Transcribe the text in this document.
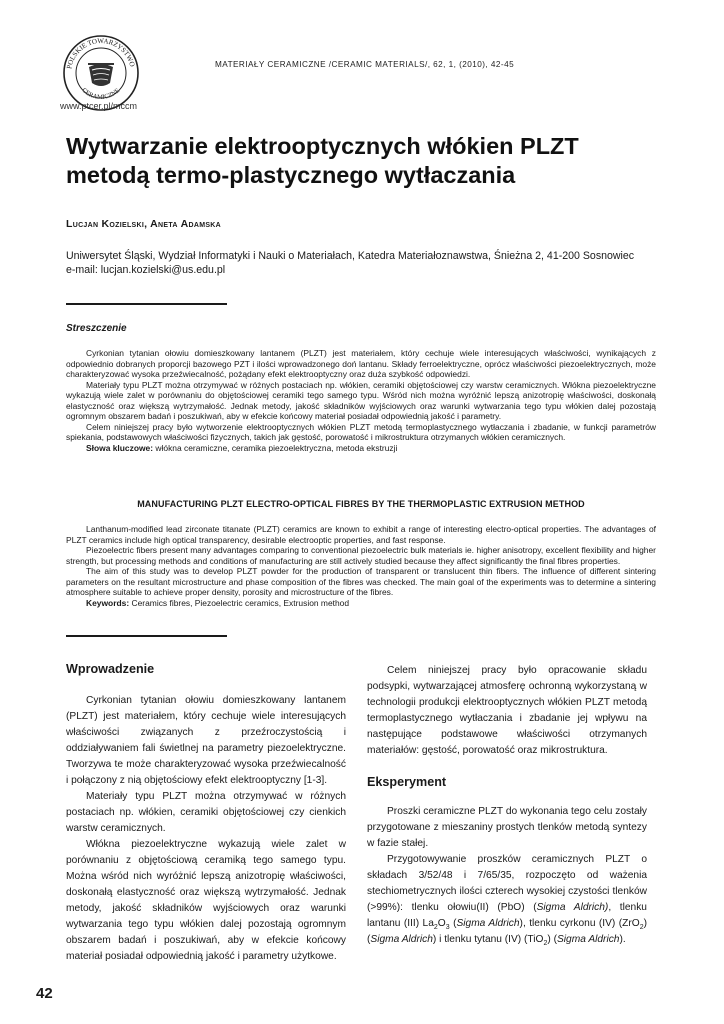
POLSKIE TOWARZYSTWO
CERAMICZNE
www.ptcer.pl/mccm
MATERIAŁY CERAMICZNE /CERAMIC MATERIALS/, 62, 1, (2010), 42-45
Wytwarzanie elektrooptycznych włókien PLZT
metodą termo-plastycznego wytłaczania
Lucjan Kozielski, Aneta Adamska
Uniwersytet Śląski, Wydział Informatyki i Nauki o Materiałach, Katedra Materiałoznawstwa, Śnieżna 2, 41-200 Sosnowiec
e-mail: lucjan.kozielski@us.edu.pl
Streszczenie

Cyrkonian tytanian ołowiu domieszkowany lantanem (PLZT) jest materiałem, który cechuje wiele interesujących właściwości, wynikających z odpowiednio dobranych proporcji bazowego PZT i ilości wprowadzonego doń lantanu. Składy ferroelektryczne, oprócz właściwości piezoelektrycznych, może charakteryzować wysoka przeźwiecalność, pożądany efekt elektrooptyczny oraz duża szybkość odpowiedzi.

Materiały typu PLZT można otrzymywać w różnych postaciach np. włókien, ceramiki objętościowej czy warstw ceramicznych. Włókna piezoelektryczne wykazują wiele zalet w porównaniu do objętościowej ceramiki tego samego typu. Wśród nich można wyróżnić lepszą anizotropię właściwości, doskonałą elastyczność oraz większą wytrzymałość. Jednak metody, jakość składników wyjściowych oraz warunki wytwarzania tego typu włókien dalej pozostają ogromnym obszarem badań i poszukiwań, aby w efekcie końcowy materiał posiadał odpowiednią jakość i parametry.

Celem niniejszej pracy było wytworzenie elektrooptycznych włókien PLZT metodą termoplastycznego wytłaczania i zbadanie, w funkcji parametrów spiekania, podstawowych właściwości fizycznych, takich jak gęstość, porowatość i mikrostruktura otrzymanych włókien ceramicznych.

Słowa kluczowe: włókna ceramiczne, ceramika piezoelektryczna, metoda ekstruzji

MANUFACTURING PLZT ELECTRO-OPTICAL FIBRES BY THE THERMOPLASTIC EXTRUSION METHOD

Lanthanum-modified lead zirconate titanate (PLZT) ceramics are known to exhibit a range of interesting electro-optical properties. The advantages of PLZT ceramics include high optical transparency, desirable electrooptic properties, and fast response.

Piezoelectric fibers present many advantages comparing to conventional piezoelectric bulk materials ie. higher anisotropy, excellent flexibility and higher strength, but processing methods and conditions of manufacturing are still actively studied because they affect significantly the final fibres properties.

The aim of this study was to develop PLZT powder for the production of transparent or translucent thin fibers. The influence of different sintering parameters on the resultant microstructure and phase composition of the fibres was checked. The main goal of the experiments was to determine a sintering atmosphere suitable to achieve proper density, porosity and microstructure of the fibres.

Keywords: Ceramics fibres, Piezoelectric ceramics, Extrusion method

Wprowadzenie

Cyrkonian tytanian ołowiu domieszkowany lantanem (PLZT) jest materiałem, który cechuje wiele interesujących właściwości związanych z przeźroczystością i oddziaływaniem fali świetlnej na parametry piezoelektryczne. Tworzywa te może charakteryzować wysoka przeźwiecalność i połączony z nią objętościowy efekt elektrooptyczny [1-3].

Materiały typu PLZT można otrzymywać w różnych postaciach np. włókien, ceramiki objętościowej czy cienkich warstw ceramicznych.

Włókna piezoelektryczne wykazują wiele zalet w porównaniu z objętościową ceramiką tego samego typu. Można wśród nich wyróżnić lepszą anizotropię właściwości, doskonałą elastyczność oraz większą wytrzymałość. Jednak metody, jakość składników wyjściowych oraz warunki wytwarzania tego typu włókien dalej pozostają ogromnym obszarem badań i poszukiwań, aby w efekcie końcowy materiał posiadał odpowiednią jakość i parametry użytkowe.

Celem niniejszej pracy było opracowanie składu podsypki, wytwarzającej atmosferę ochronną wykorzystaną w technologii produkcji elektrooptycznych włókien PLZT metodą termoplastycznego wytłaczania i zbadanie jej wpływu na następujące podstawowe właściwości otrzymanych materiałów: gęstość, porowatość oraz mikrostruktura.

Eksperyment

Proszki ceramiczne PLZT do wykonania tego celu zostały przygotowane z mieszaniny prostych tlenków metodą syntezy w fazie stałej.

Przygotowywanie proszków ceramicznych PLZT o składach 3/52/48 i 7/65/35, rozpoczęto od ważenia stechiometrycznych ilości czterech wysokiej czystości tlenków (>99%): tlenku ołowiu(II) (PbO) (Sigma Aldrich), tlenku lantanu (III) $La_2O_3$ (Sigma Aldrich), tlenku cyrkonu (IV) (ZrO$_2$) (Sigma Aldrich) i tlenku tytanu (IV) (TiO$_2$) (Sigma Aldrich).

42
